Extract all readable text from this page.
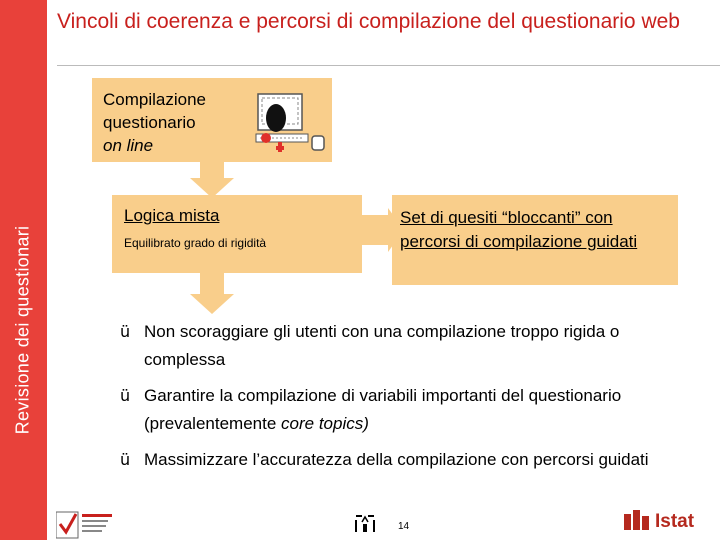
Revisione dei questionari
Vincoli di coerenza e percorsi di compilazione del questionario web
Compilazione
questionario
on line
Logica mista
Equilibrato grado di rigidità
Set di quesiti “bloccanti” con percorsi di compilazione guidati
ü Non scoraggiare gli utenti con una compilazione troppo rigida o complessa
ü Garantire la compilazione di variabili importanti del questionario (prevalentemente core topics)
ü Massimizzare l’accuratezza della compilazione con percorsi guidati
14	Istat
